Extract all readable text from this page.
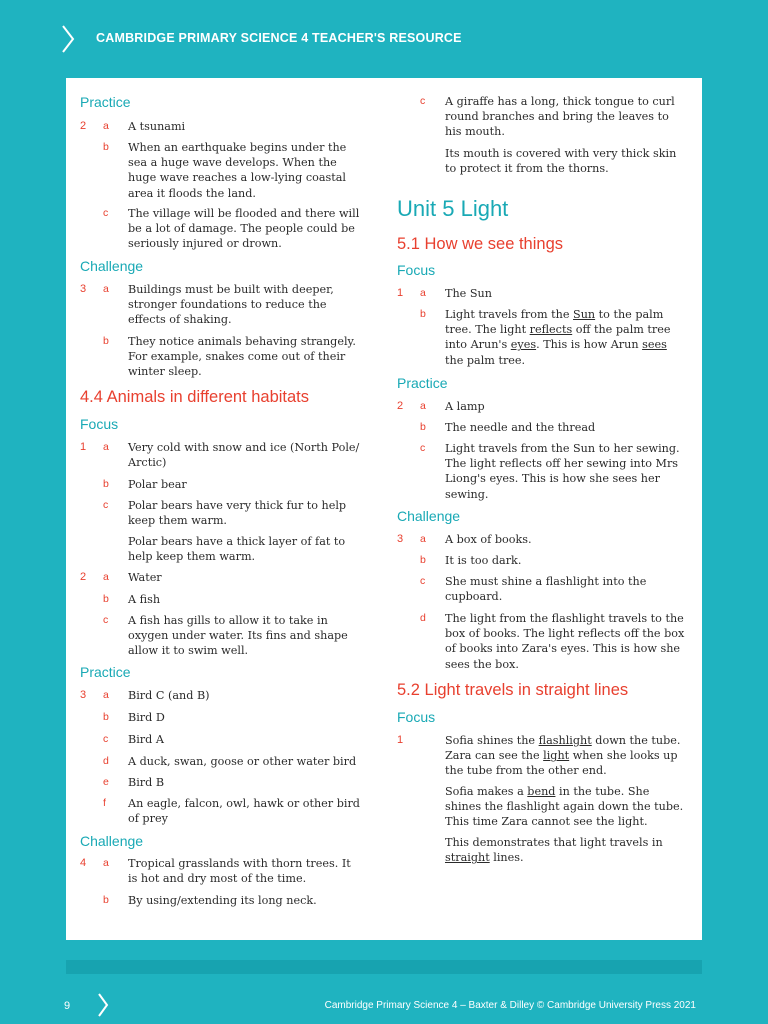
CAMBRIDGE PRIMARY SCIENCE 4 TEACHER'S RESOURCE
Practice
2 a A tsunami
b When an earthquake begins under the sea a huge wave develops. When the huge wave reaches a low-lying coastal area it floods the land.
c The village will be flooded and there will be a lot of damage. The people could be seriously injured or drown.
Challenge
3 a Buildings must be built with deeper, stronger foundations to reduce the effects of shaking.
b They notice animals behaving strangely. For example, snakes come out of their winter sleep.
4.4 Animals in different habitats
Focus
1 a Very cold with snow and ice (North Pole/ Arctic)
b Polar bear
c Polar bears have very thick fur to help keep them warm.
Polar bears have a thick layer of fat to help keep them warm.
2 a Water
b A fish
c A fish has gills to allow it to take in oxygen under water. Its fins and shape allow it to swim well.
Practice
3 a Bird C (and B)
b Bird D
c Bird A
d A duck, swan, goose or other water bird
e Bird B
f An eagle, falcon, owl, hawk or other bird of prey
Challenge
4 a Tropical grasslands with thorn trees. It is hot and dry most of the time.
b By using/extending its long neck.
c A giraffe has a long, thick tongue to curl round branches and bring the leaves to his mouth.
Its mouth is covered with very thick skin to protect it from the thorns.
Unit 5 Light
5.1 How we see things
Focus
1 a The Sun
b Light travels from the Sun to the palm tree. The light reflects off the palm tree into Arun's eyes. This is how Arun sees the palm tree.
Practice
2 a A lamp
b The needle and the thread
c Light travels from the Sun to her sewing. The light reflects off her sewing into Mrs Liong's eyes. This is how she sees her sewing.
Challenge
3 a A box of books.
b It is too dark.
c She must shine a flashlight into the cupboard.
d The light from the flashlight travels to the box of books. The light reflects off the box of books into Zara's eyes. This is how she sees the box.
5.2 Light travels in straight lines
Focus
1	Sofia shines the flashlight down the tube. Zara can see the light when she looks up the tube from the other end.
Sofia makes a bend in the tube. She shines the flashlight again down the tube. This time Zara cannot see the light.
This demonstrates that light travels in straight lines.
9	Cambridge Primary Science 4 – Baxter & Dilley © Cambridge University Press 2021
